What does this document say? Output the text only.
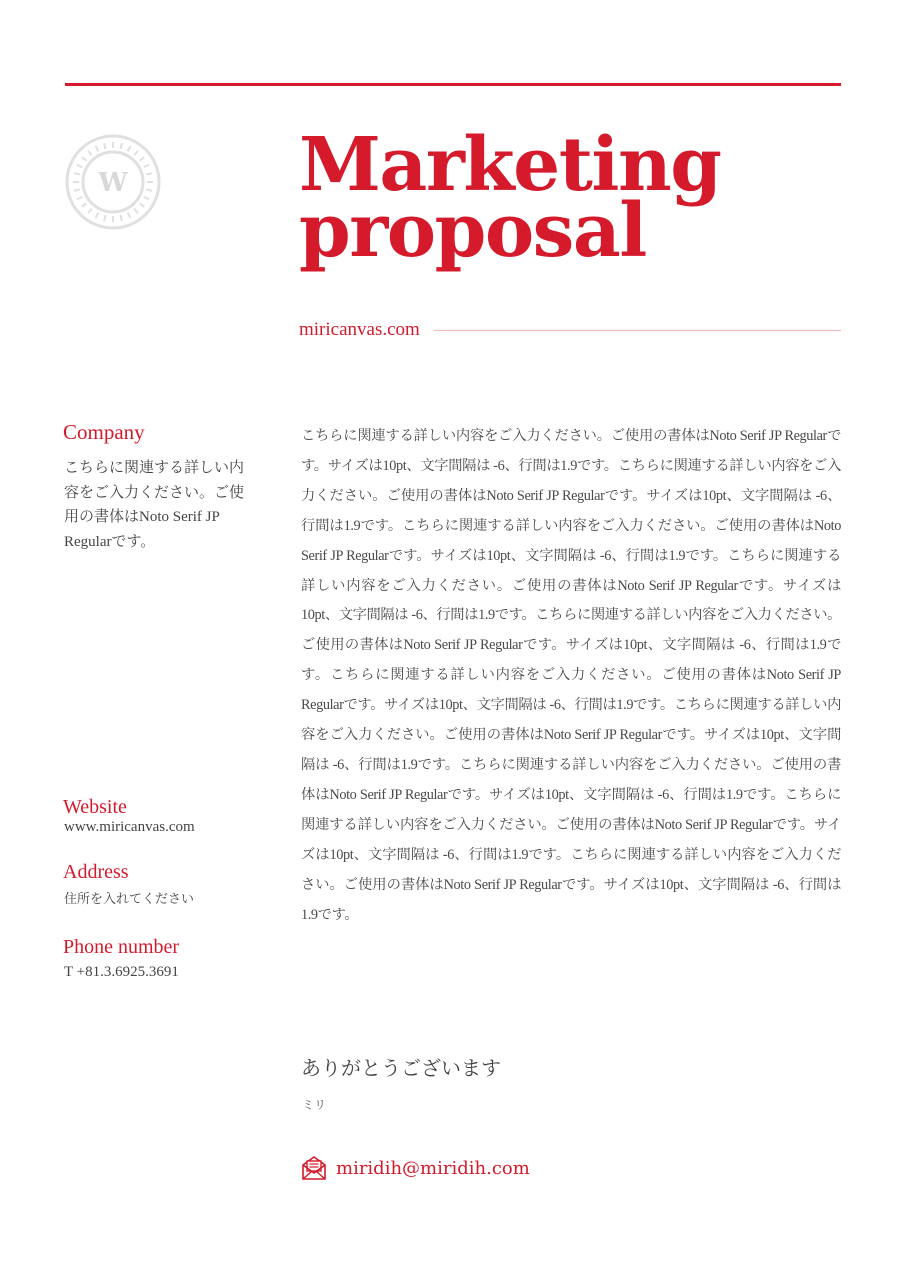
W Marketing
proposal
miricanvas.com
Company
こちらに関連する詳しい内容をご入力ください。ご使用の書体はNoto Serif JP Regularです。
Website
www.miricanvas.com
Address
住所を入れてください
Phone number
T +81.3.6925.3691
こちらに関連する詳しい内容をご入力ください。ご使用の書体はNoto Serif JP Regularです。サイズは10pt、文字間隔は -6、行間は1.9です。こちらに関連する詳しい内容をご入力ください。ご使用の書体はNoto Serif JP Regularです。サイズは10pt、文字間隔は -6、行間は1.9です。こちらに関連する詳しい内容をご入力ください。ご使用の書体はNoto Serif JP Regularです。サイズは10pt、文字間隔は -6、行間は1.9です。こちらに関連する詳しい内容をご入力ください。ご使用の書体はNoto Serif JP Regularです。サイズは10pt、文字間隔は -6、行間は1.9です。こちらに関連する詳しい内容をご入力ください。ご使用の書体はNoto Serif JP Regularです。サイズは10pt、文字間隔は -6、行間は1.9です。こちらに関連する詳しい内容をご入力ください。ご使用の書体はNoto Serif JP Regularです。サイズは10pt、文字間隔は -6、行間は1.9です。こちらに関連する詳しい内容をご入力ください。ご使用の書体はNoto Serif JP Regularです。サイズは10pt、文字間隔は -6、行間は1.9です。こちらに関連する詳しい内容をご入力ください。ご使用の書体はNoto Serif JP Regularです。サイズは10pt、文字間隔は -6、行間は1.9です。こちらに関連する詳しい内容をご入力ください。ご使用の書体はNoto Serif JP Regularです。サイズは10pt、文字間隔は -6、行間は1.9です。こちらに関連する詳しい内容をご入力ください。ご使用の書体はNoto Serif JP Regularです。サイズは10pt、文字間隔は -6、行間は1.9です。
ありがとうございます
ミリ
miridih@miridih.com
